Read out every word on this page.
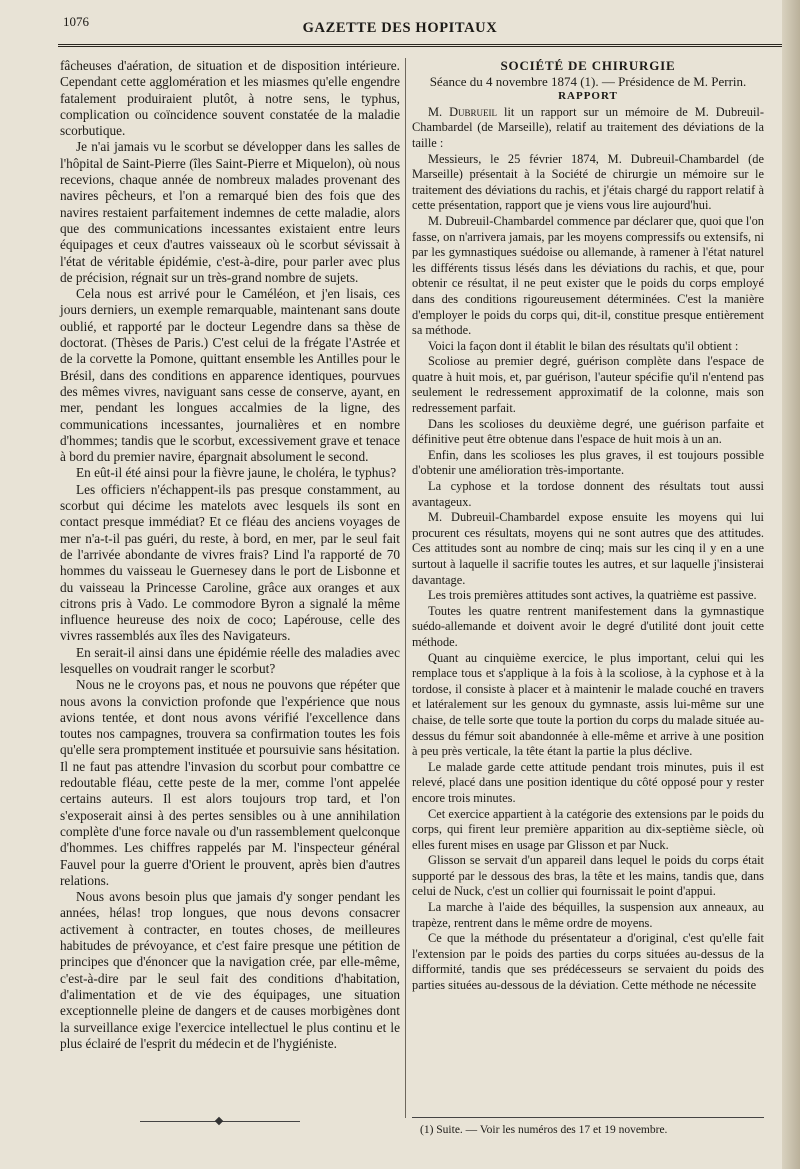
1076	GAZETTE DES HOPITAUX

fâcheuses d'aération, de situation et de disposition intérieure. Cependant cette agglomération et les miasmes qu'elle engendre fatalement produiraient plutôt, à notre sens, le typhus, complication ou coïncidence souvent constatée de la maladie scorbutique.

Je n'ai jamais vu le scorbut se développer dans les salles de l'hôpital de Saint-Pierre (îles Saint-Pierre et Miquelon), où nous recevions, chaque année de nombreux malades provenant des navires pêcheurs, et l'on a remarqué bien des fois que des navires restaient parfaitement indemnes de cette maladie, alors que des communications incessantes existaient entre leurs équipages et ceux d'autres vaisseaux où le scorbut sévissait à l'état de véritable épidémie, c'est-à-dire, pour parler avec plus de précision, régnait sur un très-grand nombre de sujets.

Cela nous est arrivé pour le Caméléon, et j'en lisais, ces jours derniers, un exemple remarquable, maintenant sans doute oublié, et rapporté par le docteur Legendre dans sa thèse de doctorat. (Thèses de Paris.) C'est celui de la frégate l'Astrée et de la corvette la Pomone, quittant ensemble les Antilles pour le Brésil, dans des conditions en apparence identiques, pourvues des mêmes vivres, naviguant sans cesse de conserve, ayant, en mer, pendant les longues accalmies de la ligne, des communications incessantes, journalières et en nombre d'hommes; tandis que le scorbut, excessivement grave et tenace à bord du premier navire, épargnait absolument le second.

En eût-il été ainsi pour la fièvre jaune, le choléra, le typhus?

Les officiers n'échappent-ils pas presque constamment, au scorbut qui décime les matelots avec lesquels ils sont en contact presque immédiat? Et ce fléau des anciens voyages de mer n'a-t-il pas guéri, du reste, à bord, en mer, par le seul fait de l'arrivée abondante de vivres frais? Lind l'a rapporté de 70 hommes du vaisseau le Guernesey dans le port de Lisbonne et du vaisseau la Princesse Caroline, grâce aux oranges et aux citrons pris à Vado. Le commodore Byron a signalé la même influence heureuse des noix de coco; Lapérouse, celle des vivres rassemblés aux îles des Navigateurs.

En serait-il ainsi dans une épidémie réelle des maladies avec lesquelles on voudrait ranger le scorbut?

Nous ne le croyons pas, et nous ne pouvons que répéter que nous avons la conviction profonde que l'expérience que nous avions tentée, et dont nous avons vérifié l'excellence dans toutes nos campagnes, trouvera sa confirmation toutes les fois qu'elle sera promptement instituée et poursuivie sans hésitation. Il ne faut pas attendre l'invasion du scorbut pour combattre ce redoutable fléau, cette peste de la mer, comme l'ont appelée certains auteurs. Il est alors toujours trop tard, et l'on s'exposerait ainsi à des pertes sensibles ou à une annihilation complète d'une force navale ou d'un rassemblement quelconque d'hommes. Les chiffres rappelés par M. l'inspecteur général Fauvel pour la guerre d'Orient le prouvent, après bien d'autres relations.

Nous avons besoin plus que jamais d'y songer pendant les années, hélas! trop longues, que nous devons consacrer activement à contracter, en toutes choses, de meilleures habitudes de prévoyance, et c'est faire presque une pétition de principes que d'énoncer que la navigation crée, par elle-même, c'est-à-dire par le seul fait des conditions d'habitation, d'alimentation et de vie des équipages, une situation exceptionnelle pleine de dangers et de causes morbigènes dont la surveillance exige l'exercice intellectuel le plus continu et le plus éclairé de l'esprit du médecin et de l'hygiéniste.

SOCIÉTÉ DE CHIRURGIE

Séance du 4 novembre 1874 (1). — Présidence de M. Perrin.

RAPPORT

M. Dubrueil lit un rapport sur un mémoire de M. Dubreuil-Chambardel (de Marseille), relatif au traitement des déviations de la taille :

Messieurs, le 25 février 1874, M. Dubreuil-Chambardel (de Marseille) présentait à la Société de chirurgie un mémoire sur le traitement des déviations du rachis, et j'étais chargé du rapport relatif à cette présentation, rapport que je viens vous lire aujourd'hui.

M. Dubreuil-Chambardel commence par déclarer que, quoi que l'on fasse, on n'arrivera jamais, par les moyens compressifs ou extensifs, ni par les gymnastiques suédoise ou allemande, à ramener à l'état naturel les différents tissus lésés dans les déviations du rachis, et que, pour obtenir ce résultat, il ne peut exister que le poids du corps employé dans des conditions rigoureusement déterminées. C'est la manière d'employer le poids du corps qui, dit-il, constitue presque entièrement sa méthode.

Voici la façon dont il établit le bilan des résultats qu'il obtient :

Scoliose au premier degré, guérison complète dans l'espace de quatre à huit mois, et, par guérison, l'auteur spécifie qu'il n'entend pas seulement le redressement approximatif de la colonne, mais son redressement parfait.

Dans les scolioses du deuxième degré, une guérison parfaite et définitive peut être obtenue dans l'espace de huit mois à un an.

Enfin, dans les scolioses les plus graves, il est toujours possible d'obtenir une amélioration très-importante.

La cyphose et la tordose donnent des résultats tout aussi avantageux.

M. Dubreuil-Chambardel expose ensuite les moyens qui lui procurent ces résultats, moyens qui ne sont autres que des attitudes. Ces attitudes sont au nombre de cinq; mais sur les cinq il y en a une surtout à laquelle il sacrifie toutes les autres, et sur laquelle j'insisterai davantage.

Les trois premières attitudes sont actives, la quatrième est passive.

Toutes les quatre rentrent manifestement dans la gymnastique suédo-allemande et doivent avoir le degré d'utilité dont jouit cette méthode.

Quant au cinquième exercice, le plus important, celui qui les remplace tous et s'applique à la fois à la scoliose, à la cyphose et à la tordose, il consiste à placer et à maintenir le malade couché en travers et latéralement sur les genoux du gymnaste, assis lui-même sur une chaise, de telle sorte que toute la portion du corps du malade située au-dessus du fémur soit abandonnée à elle-même et arrive à une position à peu près verticale, la tête étant la partie la plus déclive.

Le malade garde cette attitude pendant trois minutes, puis il est relevé, placé dans une position identique du côté opposé pour y rester encore trois minutes.

Cet exercice appartient à la catégorie des extensions par le poids du corps, qui firent leur première apparition au dix-septième siècle, où elles furent mises en usage par Glisson et par Nuck.

Glisson se servait d'un appareil dans lequel le poids du corps était supporté par le dessous des bras, la tête et les mains, tandis que, dans celui de Nuck, c'est un collier qui fournissait le point d'appui.

La marche à l'aide des béquilles, la suspension aux anneaux, au trapèze, rentrent dans le même ordre de moyens.

Ce que la méthode du présentateur a d'original, c'est qu'elle fait l'extension par le poids des parties du corps situées au-dessus de la difformité, tandis que ses prédécesseurs se servaient du poids des parties situées au-dessous de la déviation. Cette méthode ne nécessite

(1) Suite. — Voir les numéros des 17 et 19 novembre.
